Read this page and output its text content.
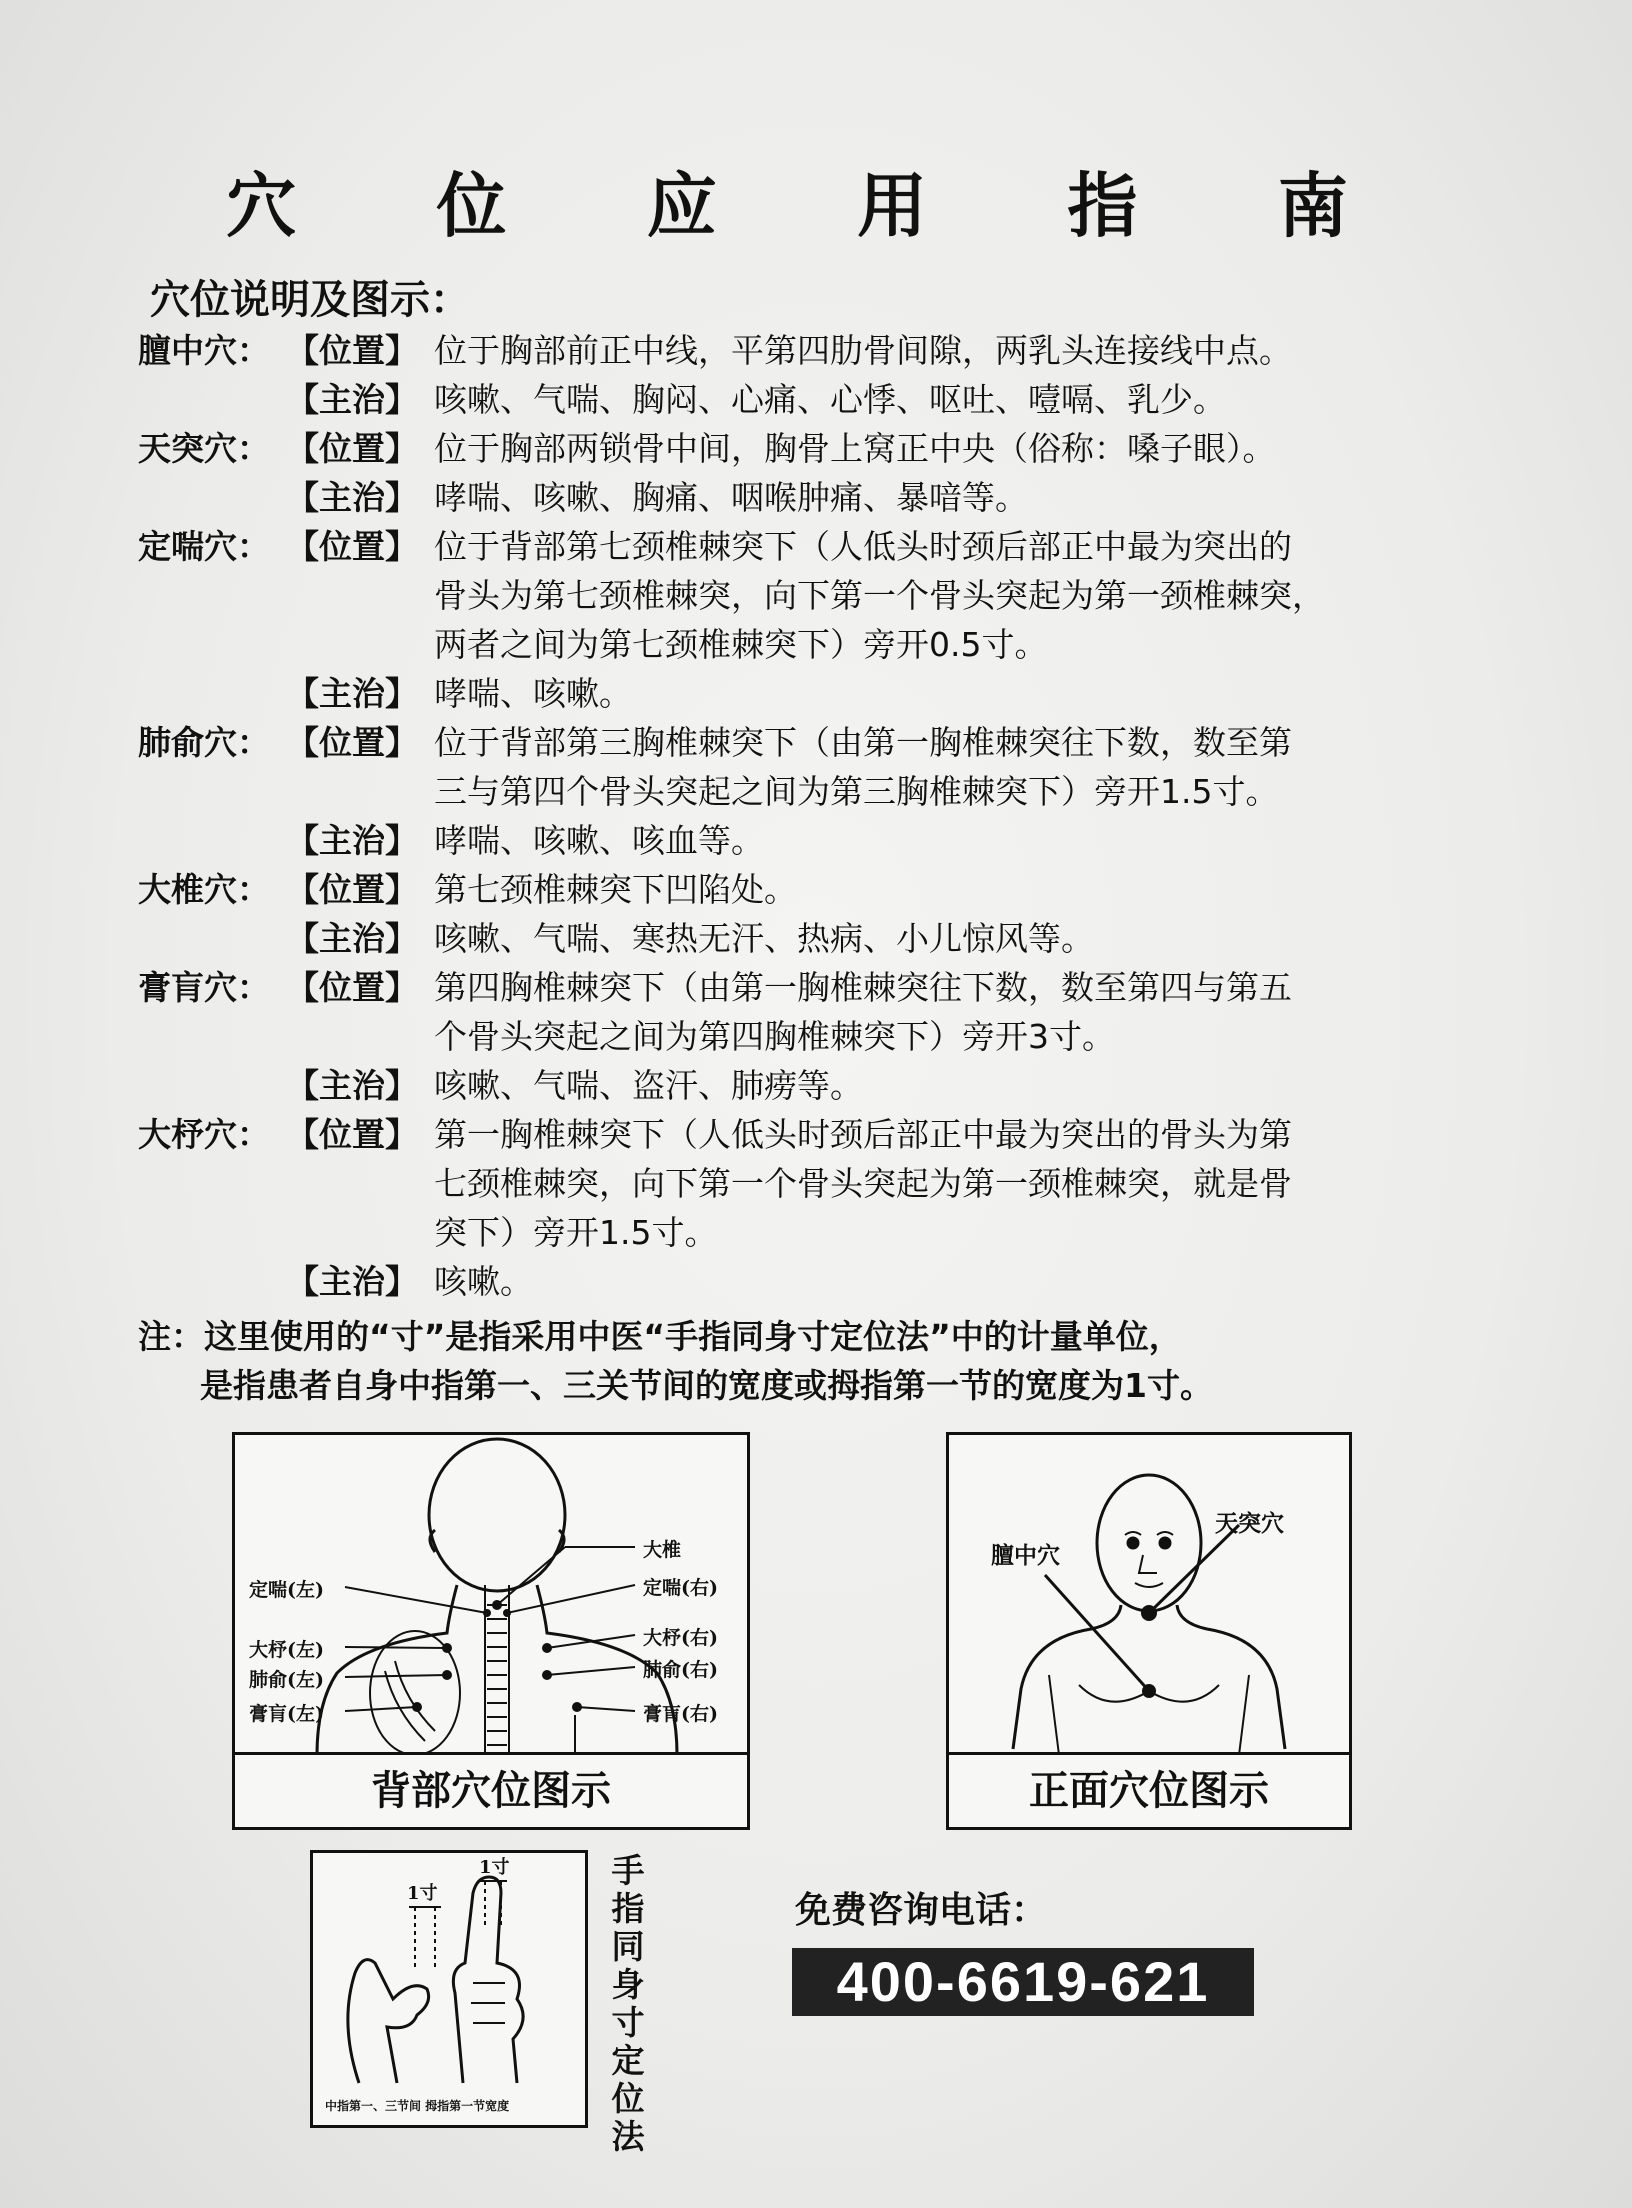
穴 位 应 用 指 南
穴位说明及图示：
膻中穴： 【位置】 位于胸部前正中线，平第四肋骨间隙，两乳头连接线中点。
【主治】 咳嗽、气喘、胸闷、心痛、心悸、呕吐、噎嗝、乳少。
天突穴： 【位置】 位于胸部两锁骨中间，胸骨上窝正中央（俗称：嗓子眼）。
【主治】 哮喘、咳嗽、胸痛、咽喉肿痛、暴喑等。
定喘穴： 【位置】 位于背部第七颈椎棘突下（人低头时颈后部正中最为突出的
骨头为第七颈椎棘突，向下第一个骨头突起为第一颈椎棘突，
两者之间为第七颈椎棘突下）旁开0.5寸。
【主治】 哮喘、咳嗽。
肺俞穴： 【位置】 位于背部第三胸椎棘突下（由第一胸椎棘突往下数，数至第
三与第四个骨头突起之间为第三胸椎棘突下）旁开1.5寸。
【主治】 哮喘、咳嗽、咳血等。
大椎穴： 【位置】 第七颈椎棘突下凹陷处。
【主治】 咳嗽、气喘、寒热无汗、热病、小儿惊风等。
膏肓穴： 【位置】 第四胸椎棘突下（由第一胸椎棘突往下数，数至第四与第五
个骨头突起之间为第四胸椎棘突下）旁开3寸。
【主治】 咳嗽、气喘、盗汗、肺痨等。
大杼穴： 【位置】 第一胸椎棘突下（人低头时颈后部正中最为突出的骨头为第
七颈椎棘突，向下第一个骨头突起为第一颈椎棘突，就是骨
突下）旁开1.5寸。
【主治】 咳嗽。
注：这里使用的“寸”是指采用中医“手指同身寸定位法”中的计量单位，
是指患者自身中指第一、三关节间的宽度或拇指第一节的宽度为1寸。
大椎
定喘(右)
大杼(右)
肺俞(右)
膏肓(右)
定喘(左)
大杼(左)
肺俞(左)
膏肓(左)
背部穴位图示
天突穴
膻中穴
正面穴位图示
1寸
1寸
中指第一、三节间 拇指第一节宽度
手指同身寸定位法
免费咨询电话：
400-6619-621
